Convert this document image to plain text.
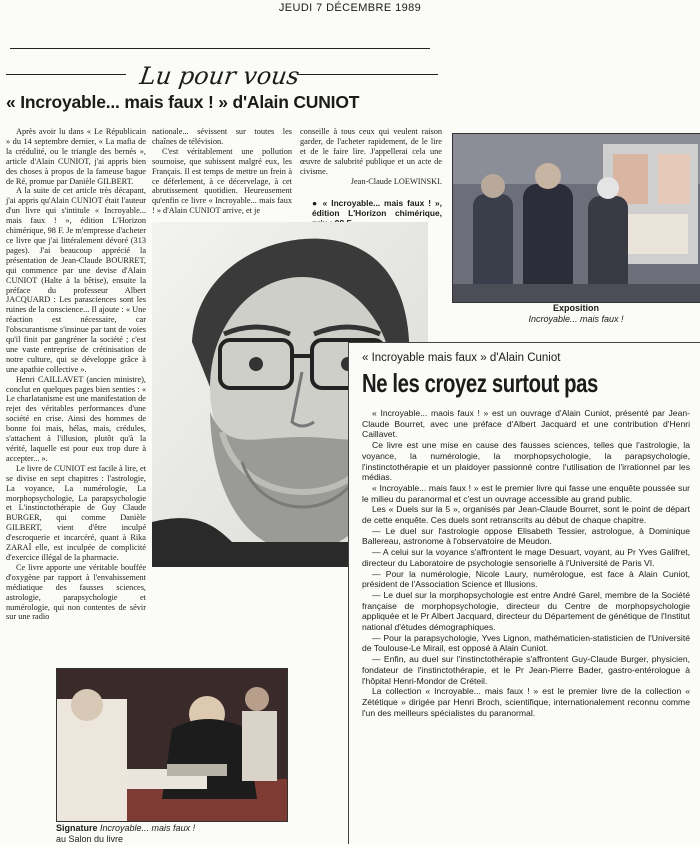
JEUDI 7 DÉCEMBRE 1989
Lu pour vous
« Incroyable... mais faux ! » d'Alain CUNIOT

Après avoir lu dans « Le Républicain » du 14 septembre dernier, « La mafia de la crédulité, ou le triangle des bernés », article d'Alain CUNIOT, j'ai appris bien des choses à propos de la fameuse bague de Ré, promue par Danièle GILBERT.

A la suite de cet article très décapant, j'ai appris qu'Alain CUNIOT était l'auteur d'un livre qui s'intitule « Incroyable... mais faux ! », édition L'Horizon chimérique, 98 F. Je m'empresse d'acheter ce livre que j'ai littéralement dévoré (313 pages). J'ai beaucoup apprécié la présentation de Jean-Claude BOURRET, qui commence par une devise d'Alain CUNIOT (Halte à la bêtise), ensuite la préface du professeur Albert JACQUARD : Les parasciences sont les ruines de la conscience... Il ajoute : « Une réaction est nécessaire, car l'obscurantisme s'insinue par tant de voies qu'il finit par gangréner la société ; c'est une vaste entreprise de crétinisation de notre culture, qui se développe grâce à une apathie collective ».

Henri CAILLAVET (ancien ministre), conclut en quelques pages bien senties : « Le charlatanisme est une manifestation de rejet des véritables performances d'une société en crise. Ainsi des hommes de bonne foi mais, hélas, mais, crédules, s'attachent à l'illusion, plutôt qu'à la vérité, laquelle est pour eux trop dure à accepter... ».

Le livre de CUNIOT est facile à lire, et se divise en sept chapitres : l'astrologie, La voyance, La numérologie, La morphopsychologie, La parapsychologie et L'instinctothérapie de Guy Claude BURGER, qui comme Danièle GILBERT, vient d'être inculpé d'escroquerie et incarcéré, quant à Rika ZARAÏ elle, est inculpée de complicité d'exercice illégal de la pharmacie.

Ce livre apporte une véritable bouffée d'oxygène par rapport à l'envahissement médiatique des fausses sciences, astrologie, parapsychologie et numérologie, qui non contentes de sévir sur une radio

nationale... sévissent sur toutes les chaînes de télévision.

C'est véritablement une pollution sournoise, que subissent malgré eux, les Français. Il est temps de mettre un frein à ce déferlement, à ce décervelage, à cet abrutissement quotidien. Heureusement qu'enfin ce livre « Incroyable... mais faux ! » d'Alain CUNIOT arrive, et je

conseille à tous ceux qui veulent raison garder, de l'acheter rapidement, de le lire et de le faire lire. J'appellerai cela une œuvre de salubrité publique et un acte de civisme.

Jean-Claude LOEWINSKI.
● « Incroyable... mais faux ! », édition L'Horizon chimérique,
Exposition
Incroyable... mais faux !
Signature Incroyable... mais faux !
au Salon du livre
« Incroyable mais faux » d'Alain Cuniot
Ne les croyez surtout pas

« Incroyable... maois faux ! » est un ouvrage d'Alain Cuniot, présenté par Jean-Claude Bourret, avec une préface d'Albert Jacquard et une contribution d'Henri Caillavet.

Ce livre est une mise en cause des fausses sciences, telles que l'astrologie, la voyance, la numérologie, la morphopsychologie, la parapsychologie, l'instinctothérapie et un plaidoyer passionné contre l'utilisation de l'irrationnel par les médias.

« Incroyable... mais faux ! » est le premier livre qui fasse une enquête poussée sur le milieu du paranormal et c'est un ouvrage accessible au grand public.

Les « Duels sur la 5 », organisés par Jean-Claude Bourret, sont le point de départ de cette enquête. Ces duels sont retranscrits au début de chaque chapitre.

— Le duel sur l'astrologie oppose Elisabeth Tessier, astrologue, à Dominique Ballereau, astronome à l'observatoire de Meudon.

— A celui sur la voyance s'affrontent le mage Desuart, voyant, au Pr Yves Galifret, directeur du Laboratoire de psychologie sensorielle à l'Université de Paris VI.

— Pour la numérologie, Nicole Laury, numérologue, est face à Alain Cuniot, président de l'Association Science et Illusions.

— Le duel sur la morphopsychologie est entre André Garel, membre de la Société française de morphopsychologie, directeur du Centre de morphopsychologie appliquée et le Pr Albert Jacquard, directeur du Département de génétique de l'Institut national d'études démographiques.

— Pour la parapsychologie, Yves Lignon, mathématicien-statisticien de l'Université de Toulouse-Le Mirail, est opposé à Alain Cuniot.

— Enfin, au duel sur l'instinctothérapie s'affrontent Guy-Claude Burger, physicien, fondateur de l'instinctothérapie, et le Pr Jean-Pierre Bader, gastro-entérologue à l'hôpital Henri-Mondor de Créteil.

La collection « Incroyable... mais faux ! » est le premier livre de la collection « Zététique » dirigée par Henri Broch, scientifique, internationalement reconnu comme l'un des meilleurs spécialistes du paranormal.
